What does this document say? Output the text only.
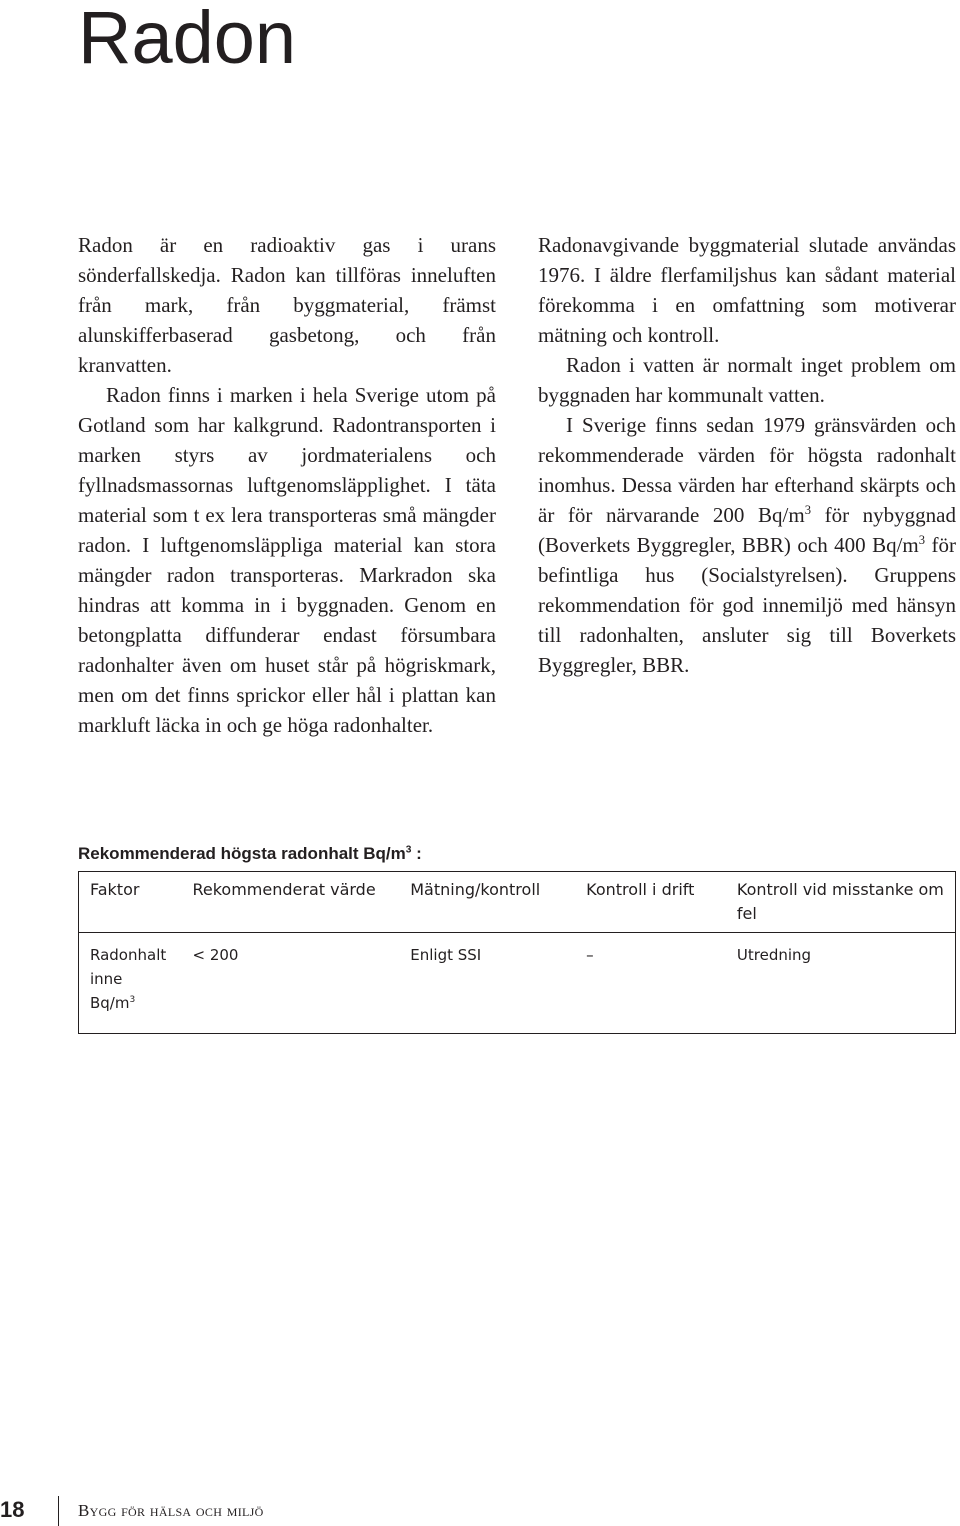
Radon

Radon är en radioaktiv gas i urans sönderfallskedja. Radon kan tillföras inneluften från mark, från byggmaterial, främst alunskifferbaserad gasbetong, och från kranvatten.

Radon finns i marken i hela Sverige utom på Gotland som har kalkgrund. Radontransporten i marken styrs av jordmaterialens och fyllnadsmassornas luftgenomsläpplighet. I täta material som t ex lera transporteras små mängder radon. I luftgenomsläppliga material kan stora mängder radon transporteras. Markradon ska hindras att komma in i byggnaden. Genom en betongplatta diffunderar endast försumbara radonhalter även om huset står på högriskmark, men om det finns sprickor eller hål i plattan kan markluft läcka in och ge höga radonhalter.

Radonavgivande byggmaterial slutade användas 1976. I äldre flerfamiljshus kan sådant material förekomma i en omfattning som motiverar mätning och kontroll.

Radon i vatten är normalt inget problem om byggnaden har kommunalt vatten.

I Sverige finns sedan 1979 gränsvärden och rekommenderade värden för högsta radonhalt inomhus. Dessa värden har efterhand skärpts och är för närvarande 200 $Bq/m^3$ för nybyggnad (Boverkets Byggregler, BBR) och 400 $Bq/m^3$ för befintliga hus (Socialstyrelsen). Gruppens rekommendation för god innemiljö med hänsyn till radonhalten, ansluter sig till Boverkets Byggregler, BBR.

Rekommenderad högsta radonhalt $Bq/m^3$ :
Faktor	Rekommenderat värde	Mätning/kontroll	Kontroll i drift	Kontroll vid misstanke om fel
Radonhalt inne $Bq/m^3$	< 200	Enligt SSI	–	Utredning
18	Bygg för hälsa och miljö
